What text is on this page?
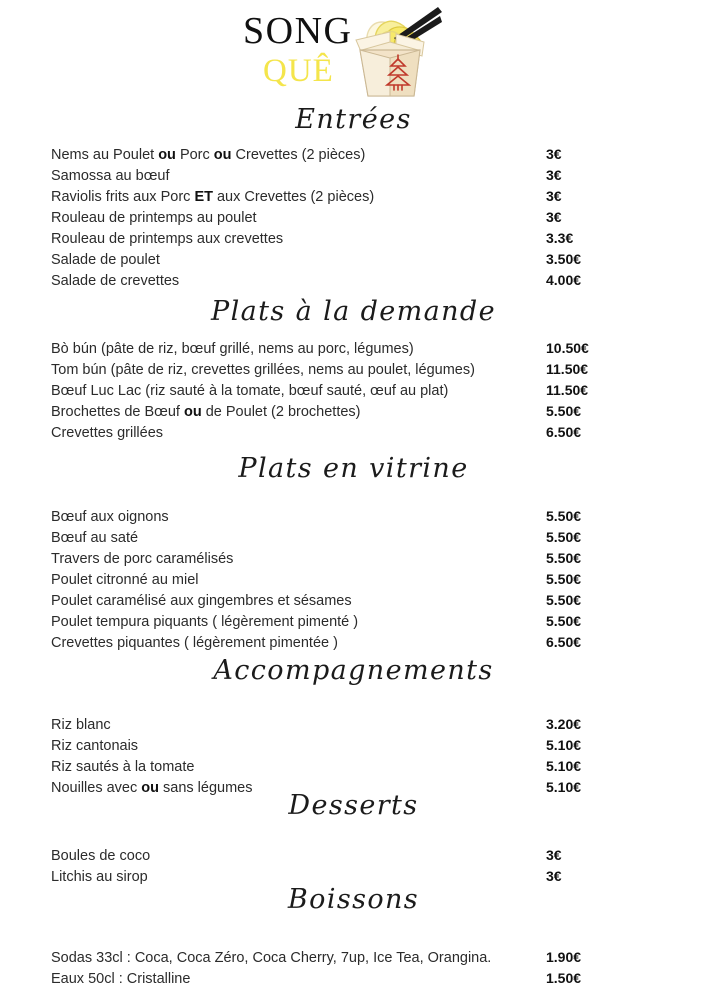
SONG
QUÊ
Entrées
Nems au Poulet ou Porc ou Crevettes (2 pièces)	3€
Samossa au bœuf	3€
Raviolis frits aux Porc ET aux Crevettes (2 pièces)	3€
Rouleau de printemps au poulet	3€
Rouleau de printemps aux crevettes	3.3€
Salade de poulet	3.50€
Salade de crevettes	4.00€
Plats à la demande
Bò bún (pâte de riz, bœuf grillé, nems au porc, légumes)	10.50€
Tom bún (pâte de riz, crevettes grillées, nems au poulet, légumes)	11.50€
Bœuf Luc Lac (riz sauté à la tomate, bœuf sauté, œuf au plat)	11.50€
Brochettes de Bœuf ou de Poulet (2 brochettes)	5.50€
Crevettes grillées	6.50€
Plats en vitrine
Bœuf aux oignons	5.50€
Bœuf au saté	5.50€
Travers de porc caramélisés	5.50€
Poulet citronné au miel	5.50€
Poulet caramélisé aux gingembres et sésames	5.50€
Poulet tempura piquants ( légèrement pimenté )	5.50€
Crevettes piquantes ( légèrement pimentée )	6.50€
Accompagnements
Riz blanc	3.20€
Riz cantonais	5.10€
Riz sautés à la tomate	5.10€
Nouilles avec ou sans légumes	5.10€
Desserts
Boules de coco	3€
Litchis au sirop	3€
Boissons
Sodas 33cl : Coca, Coca Zéro, Coca Cherry, 7up, Ice Tea, Orangina.	1.90€
Eaux 50cl : Cristalline	1.50€
